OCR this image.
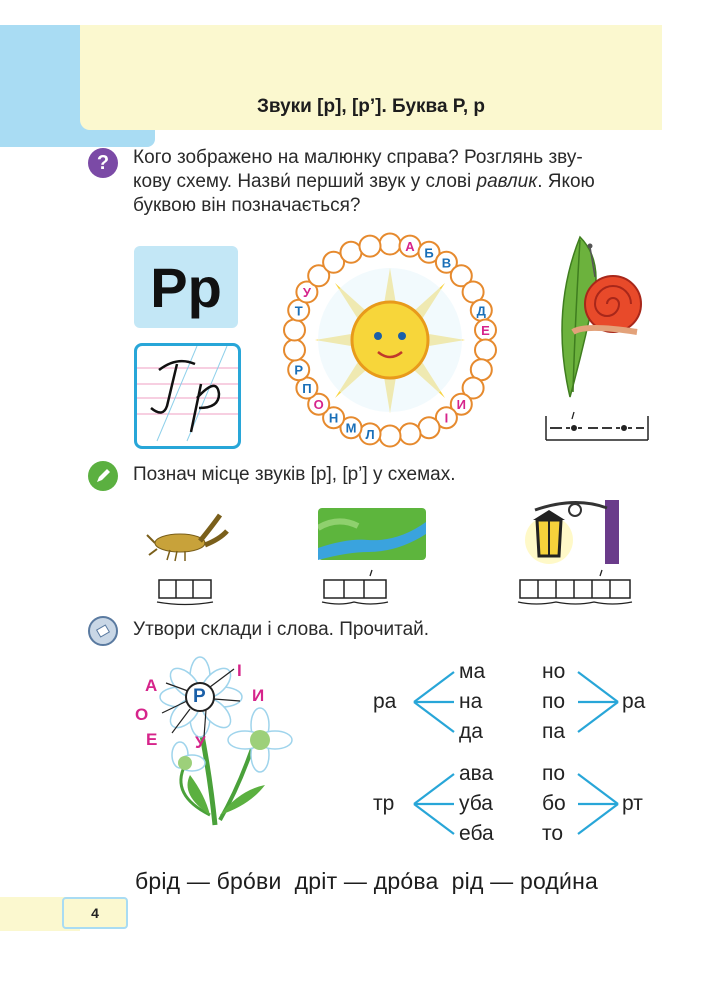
Звуки [р], [р’]. Буква Р, р
?	Кого зображено на малюнку справа? Розглянь зву-
кову схему. Назви́ перший звук у слові равлик. Якою
буквою він позначається?
Рр
А Б
В
Д
Е
И
І
Л
М
Н
О
П
Р
Т
У
Познач місце звуків [р], [р’] у схемах.
Утвори склади і слова. Прочитай.
Р
А
О
Е У
І
И	ра
ма
на
да
тр
ава
уба
еба
но
по
па
ра
по
бо
то
рт
брід — бро́ви  дріт — дро́ва  рід — роди́на
4
